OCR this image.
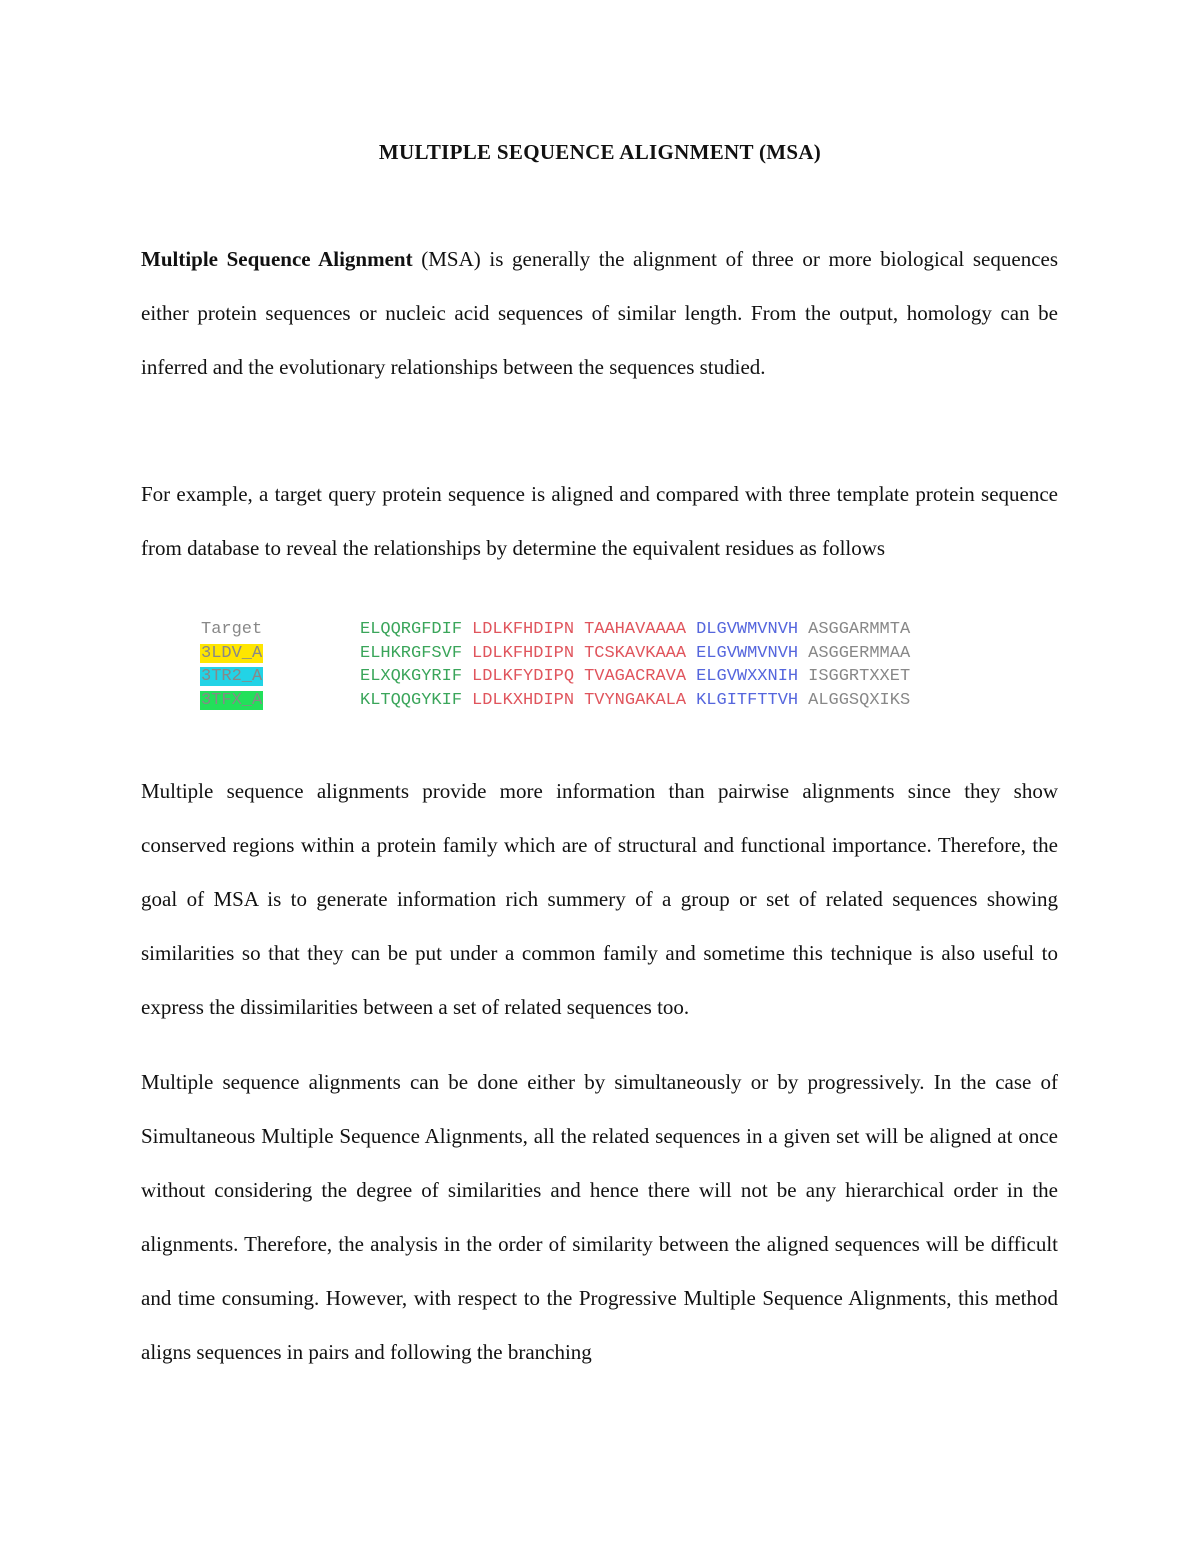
MULTIPLE SEQUENCE ALIGNMENT (MSA)

Multiple Sequence Alignment (MSA) is generally the alignment of three or more biological sequences either protein sequences or nucleic acid sequences of similar length. From the output, homology can be inferred and the evolutionary relationships between the sequences studied.

For example, a target query protein sequence is aligned and compared with three template protein sequence from database to reveal the relationships by determine the equivalent residues as follows

Target	ELQQRGFDIF LDLKFHDIPN TAAHAVAAAA DLGVWMVNVH ASGGARMMTA
3LDV_A	ELHKRGFSVF LDLKFHDIPN TCSKAVKAAA ELGVWMVNVH ASGGERMMAA
3TR2_A	ELXQKGYRIF LDLKFYDIPQ TVAGACRAVA ELGVWXXNIH ISGGRTXXET
3TFX_A	KLTQQGYKIF LDLKXHDIPN TVYNGAKALA KLGITFTTVH ALGGSQXIKS

Multiple sequence alignments provide more information than pairwise alignments since they show conserved regions within a protein family which are of structural and functional importance. Therefore, the goal of MSA is to generate information rich summery of a group or set of related sequences showing similarities so that they can be put under a common family and sometime this technique is also useful to express the dissimilarities between a set of related sequences too.

Multiple sequence alignments can be done either by simultaneously or by progressively. In the case of Simultaneous Multiple Sequence Alignments, all the related sequences in a given set will be aligned at once without considering the degree of similarities and hence there will not be any hierarchical order in the alignments. Therefore, the analysis in the order of similarity between the aligned sequences will be difficult and time consuming. However, with respect to the Progressive Multiple Sequence Alignments, this method aligns sequences in pairs and following the branching
